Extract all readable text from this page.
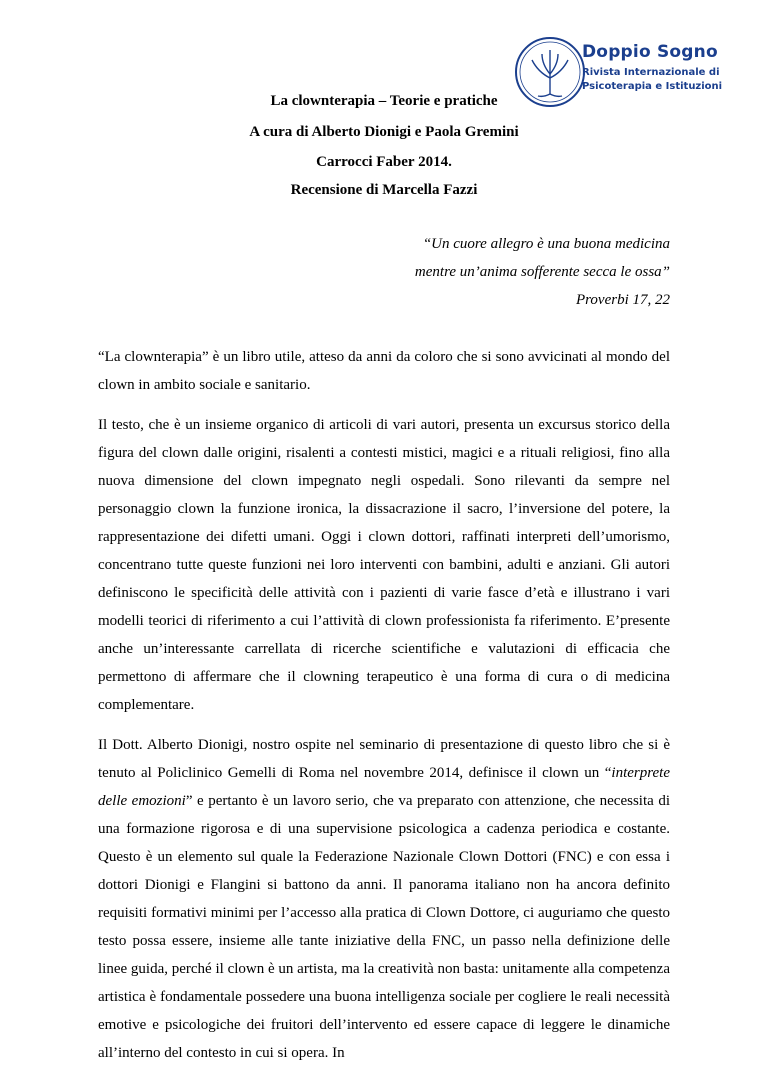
Doppio Sogno
Rivista Internazionale di
Psicoterapia e Istituzioni
La clownterapia – Teorie e pratiche
A cura di Alberto Dionigi e Paola Gremini
Carrocci Faber 2014.
Recensione di Marcella Fazzi
“Un cuore allegro è una buona medicina
mentre un’anima sofferente secca le ossa”
Proverbi 17, 22

“La clownterapia” è un libro utile, atteso da anni da coloro che si sono avvicinati al mondo del clown in ambito sociale e sanitario.

Il testo, che è un insieme organico di articoli di vari autori, presenta un excursus storico della figura del clown dalle origini, risalenti a contesti mistici, magici e a rituali religiosi, fino alla nuova dimensione del clown impegnato negli ospedali. Sono rilevanti da sempre nel personaggio clown la funzione ironica, la dissacrazione il sacro, l’inversione del potere, la rappresentazione dei difetti umani. Oggi i clown dottori, raffinati interpreti dell’umorismo, concentrano tutte queste funzioni nei loro interventi con bambini, adulti e anziani. Gli autori definiscono le specificità delle attività con i pazienti di varie fasce d’età e illustrano i vari modelli teorici di riferimento a cui l’attività di clown professionista fa riferimento. E’presente anche un’interessante carrellata di ricerche scientifiche e valutazioni di efficacia che permettono di affermare che il clowning terapeutico è una forma di cura o di medicina complementare.

Il Dott. Alberto Dionigi, nostro ospite nel seminario di presentazione di questo libro che si è tenuto al Policlinico Gemelli di Roma nel novembre 2014, definisce il clown un “interprete delle emozioni” e pertanto è un lavoro serio, che va preparato con attenzione, che necessita di una formazione rigorosa e di una supervisione psicologica a cadenza periodica e costante. Questo è un elemento sul quale la Federazione Nazionale Clown Dottori (FNC) e con essa i dottori Dionigi e Flangini si battono da anni. Il panorama italiano non ha ancora definito requisiti formativi minimi per l’accesso alla pratica di Clown Dottore, ci auguriamo che questo testo possa essere, insieme alle tante iniziative della FNC, un passo nella definizione delle linee guida, perché il clown è un artista, ma la creatività non basta: unitamente alla competenza artistica è fondamentale possedere una buona intelligenza sociale per cogliere le reali necessità emotive e psicologiche dei fruitori dell’intervento ed essere capace di leggere le dinamiche all’interno del contesto in cui si opera. In
